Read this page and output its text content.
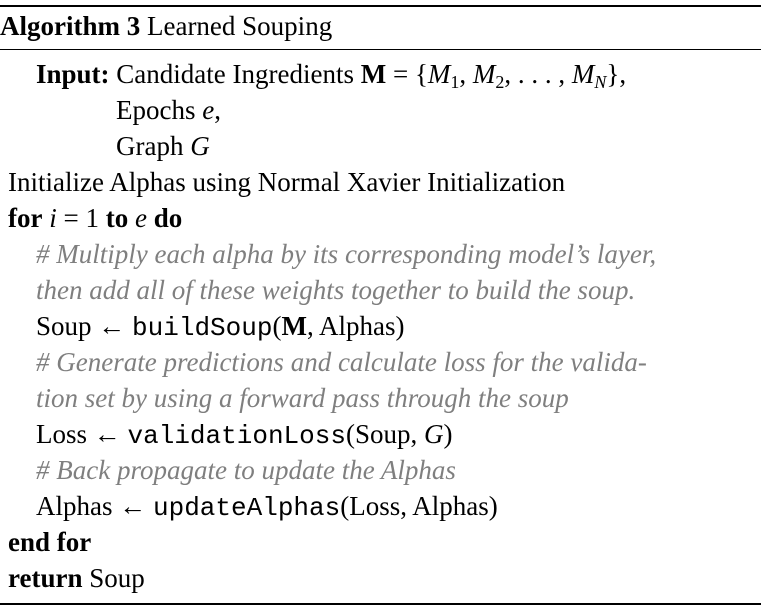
Algorithm 3 Learned Souping
Input: Candidate Ingredients $M = \{M_1$, $M_2$, . . . , $M_N$},
Epochs e,
Graph G
Initialize Alphas using Normal Xavier Initialization
for i = 1 to e do
# Multiply each alpha by its corresponding model’s layer,
then add all of these weights together to build the soup.
Soup ← buildSoup(M, Alphas)
# Generate predictions and calculate loss for the valida-
tion set by using a forward pass through the soup
Loss ← validationLoss(Soup, G)
# Back propagate to update the Alphas
Alphas ← updateAlphas(Loss, Alphas)
end for
return Soup
